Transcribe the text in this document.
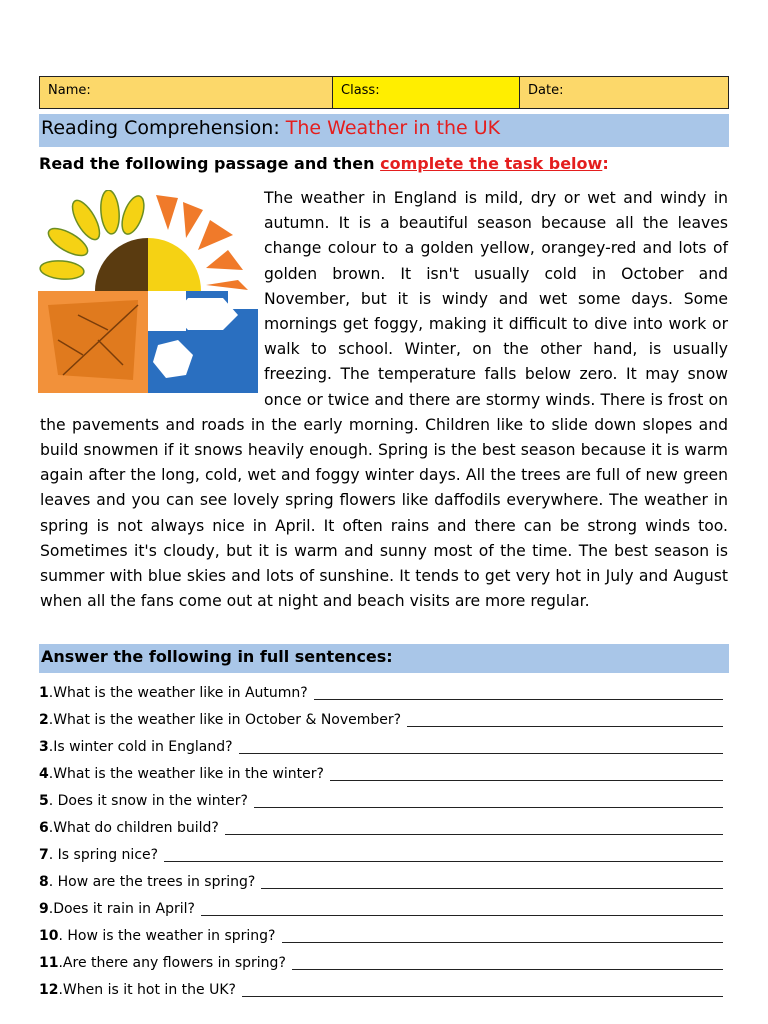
Name:	Class:	Date:
Reading Comprehension: The Weather in the UK
Read the following passage and then complete the task below:
The weather in England is mild, dry or wet and windy in autumn. It is a beautiful season because all the leaves change colour to a golden yellow, orangey-red and lots of golden brown. It isn't usually cold in October and November, but it is windy and wet some days. Some mornings get foggy, making it difficult to dive into work or walk to school. Winter, on the other hand, is usually freezing. The temperature falls below zero. It may snow once or twice and there are stormy winds. There is frost on the pavements and roads in the early morning. Children like to slide down slopes and build snowmen if it snows heavily enough. Spring is the best season because it is warm again after the long, cold, wet and foggy winter days. All the trees are full of new green leaves and you can see lovely spring flowers like daffodils everywhere. The weather in spring is not always nice in April. It often rains and there can be strong winds too. Sometimes it's cloudy, but it is warm and sunny most of the time. The best season is summer with blue skies and lots of sunshine. It tends to get very hot in July and August when all the fans come out at night and beach visits are more regular.
Answer the following in full sentences:
1 .What is the weather like in Autumn?
2 .What is the weather like in October & November?
3 .Is winter cold in England?
4 .What is the weather like in the winter?
5 . Does it snow in the winter?
6 .What do children build?
7 . Is spring nice?
8 . How are the trees in spring?
9 .Does it rain in April?
10 . How is the weather in spring?
11 .Are there any flowers in spring?
12 .When is it hot in the UK?
